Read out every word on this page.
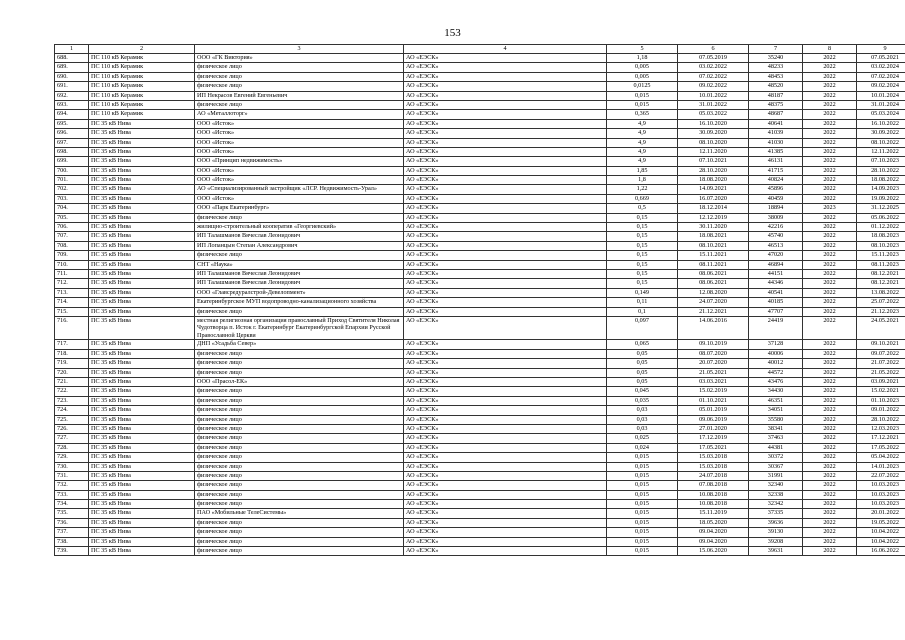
153
1	2	3	4	5	6	7	8	9
688.	ПС 110 кВ Керамик	ООО «ГК Виктория»	АО «ЕЭСК»	1,18	07.05.2019	35240	2022	07.05.2021
689.	ПС 110 кВ Керамик	физическое лицо	АО «ЕЭСК»	0,005	03.02.2022	48233	2022	03.02.2024
690.	ПС 110 кВ Керамик	физическое лицо	АО «ЕЭСК»	0,005	07.02.2022	48453	2022	07.02.2024
691.	ПС 110 кВ Керамик	физическое лицо	АО «ЕЭСК»	0,0125	09.02.2022	48520	2022	09.02.2024
692.	ПС 110 кВ Керамик	ИП Некрасов Евгений Евгеньевич	АО «ЕЭСК»	0,015	10.01.2022	48187	2022	10.01.2024
693.	ПС 110 кВ Керамик	физическое лицо	АО «ЕЭСК»	0,015	31.01.2022	48375	2022	31.01.2024
694.	ПС 110 кВ Керамик	АО «Металлоторг»	АО «ЕЭСК»	0,365	05.03.2022	48687	2022	05.03.2024
695.	ПС 35 кВ Нива	ООО «Исток»	АО «ЕЭСК»	4,9	16.10.2020	40641	2022	16.10.2022
696.	ПС 35 кВ Нива	ООО «Исток»	АО «ЕЭСК»	4,9	30.09.2020	41039	2022	30.09.2022
697.	ПС 35 кВ Нива	ООО «Исток»	АО «ЕЭСК»	4,9	08.10.2020	41030	2022	08.10.2022
698.	ПС 35 кВ Нива	ООО «Исток»	АО «ЕЭСК»	4,9	12.11.2020	41385	2022	12.11.2022
699.	ПС 35 кВ Нива	ООО «Принцип недвижимость»	АО «ЕЭСК»	4,9	07.10.2021	46131	2022	07.10.2023
700.	ПС 35 кВ Нива	ООО «Исток»	АО «ЕЭСК»	1,85	28.10.2020	41715	2022	28.10.2022
701.	ПС 35 кВ Нива	ООО «Исток»	АО «ЕЭСК»	1,8	18.08.2020	40824	2022	18.08.2022
702.	ПС 35 кВ Нива	АО «Специализированный застройщик «ЛСР. Недвижимость-Урал»	АО «ЕЭСК»	1,22	14.09.2021	45896	2022	14.09.2023
703.	ПС 35 кВ Нива	ООО «Исток»	АО «ЕЭСК»	0,669	16.07.2020	40459	2022	19.09.2022
704.	ПС 35 кВ Нива	ООО «Парк Екатеринбург»	АО «ЕЭСК»	0,5	18.12.2014	18894	2023	31.12.2025
705.	ПС 35 кВ Нива	физическое лицо	АО «ЕЭСК»	0,15	12.12.2019	38009	2022	05.06.2022
706.	ПС 35 кВ Нива	жилищно-строительный кооператив «Георгиевский»	АО «ЕЭСК»	0,15	30.11.2020	42216	2022	01.12.2022
707.	ПС 35 кВ Нива	ИП Талашманов Вячеслав Леонидович	АО «ЕЭСК»	0,15	18.08.2021	45740	2022	18.08.2023
708.	ПС 35 кВ Нива	ИП Лопанцын Степан Александрович	АО «ЕЭСК»	0,15	08.10.2021	46513	2022	08.10.2023
709.	ПС 35 кВ Нива	физическое лицо	АО «ЕЭСК»	0,15	15.11.2021	47020	2022	15.11.2023
710.	ПС 35 кВ Нива	СНТ «Наука»	АО «ЕЭСК»	0,15	08.11.2021	46894	2022	08.11.2023
711.	ПС 35 кВ Нива	ИП Талашманов Вячеслав Леонидович	АО «ЕЭСК»	0,15	08.06.2021	44151	2022	08.12.2021
712.	ПС 35 кВ Нива	ИП Талашманов Вячеслав Леонидович	АО «ЕЭСК»	0,15	08.06.2021	44346	2022	08.12.2021
713.	ПС 35 кВ Нива	ООО «Главсредуралстрой-Девелопмент»	АО «ЕЭСК»	0,149	12.08.2020	40541	2022	13.08.2022
714.	ПС 35 кВ Нива	Екатеринбургское МУП водопроводно-канализационного хозяйства	АО «ЕЭСК»	0,11	24.07.2020	40185	2022	25.07.2022
715.	ПС 35 кВ Нива	физическое лицо	АО «ЕЭСК»	0,1	21.12.2021	47707	2022	21.12.2023
716.	ПС 35 кВ Нива	местная религиозная организация православный Приход Святителя Николая Чудотворца п. Исток г. Екатеринбург Екатеринбургской Епархии Русской Православной Церкви	АО «ЕЭСК»	0,097	14.06.2016	24419	2022	24.05.2021
717.	ПС 35 кВ Нива	ДНП «Усадьба Север»	АО «ЕЭСК»	0,065	09.10.2019	37128	2022	09.10.2021
718.	ПС 35 кВ Нива	физическое лицо	АО «ЕЭСК»	0,05	08.07.2020	40006	2022	09.07.2022
719.	ПС 35 кВ Нива	физическое лицо	АО «ЕЭСК»	0,05	20.07.2020	40012	2022	21.07.2022
720.	ПС 35 кВ Нива	физическое лицо	АО «ЕЭСК»	0,05	21.05.2021	44572	2022	21.05.2022
721.	ПС 35 кВ Нива	ООО «Прасол-ЕК»	АО «ЕЭСК»	0,05	03.03.2021	43476	2022	03.09.2021
722.	ПС 35 кВ Нива	физическое лицо	АО «ЕЭСК»	0,045	15.02.2019	34430	2022	15.02.2021
723.	ПС 35 кВ Нива	физическое лицо	АО «ЕЭСК»	0,035	01.10.2021	46351	2022	01.10.2023
724.	ПС 35 кВ Нива	физическое лицо	АО «ЕЭСК»	0,03	05.01.2019	34051	2022	09.01.2022
725.	ПС 35 кВ Нива	физическое лицо	АО «ЕЭСК»	0,03	09.06.2019	35580	2022	28.10.2022
726.	ПС 35 кВ Нива	физическое лицо	АО «ЕЭСК»	0,03	27.01.2020	38341	2022	12.03.2023
727.	ПС 35 кВ Нива	физическое лицо	АО «ЕЭСК»	0,025	17.12.2019	37463	2022	17.12.2021
728.	ПС 35 кВ Нива	физическое лицо	АО «ЕЭСК»	0,024	17.05.2021	44381	2022	17.05.2022
729.	ПС 35 кВ Нива	физическое лицо	АО «ЕЭСК»	0,015	15.03.2018	30372	2022	05.04.2022
730.	ПС 35 кВ Нива	физическое лицо	АО «ЕЭСК»	0,015	15.03.2018	30367	2022	14.01.2023
731.	ПС 35 кВ Нива	физическое лицо	АО «ЕЭСК»	0,015	24.07.2018	31991	2022	22.07.2022
732.	ПС 35 кВ Нива	физическое лицо	АО «ЕЭСК»	0,015	07.08.2018	32340	2022	10.03.2023
733.	ПС 35 кВ Нива	физическое лицо	АО «ЕЭСК»	0,015	10.08.2018	32338	2022	10.03.2023
734.	ПС 35 кВ Нива	физическое лицо	АО «ЕЭСК»	0,015	10.08.2018	32342	2022	10.03.2023
735.	ПС 35 кВ Нива	ПАО «Мобильные ТелеСистемы»	АО «ЕЭСК»	0,015	15.11.2019	37335	2022	20.01.2022
736.	ПС 35 кВ Нива	физическое лицо	АО «ЕЭСК»	0,015	18.05.2020	39636	2022	19.05.2022
737.	ПС 35 кВ Нива	физическое лицо	АО «ЕЭСК»	0,015	09.04.2020	39130	2022	10.04.2022
738.	ПС 35 кВ Нива	физическое лицо	АО «ЕЭСК»	0,015	09.04.2020	39208	2022	10.04.2022
739.	ПС 35 кВ Нива	физическое лицо	АО «ЕЭСК»	0,015	15.06.2020	39631	2022	16.06.2022
